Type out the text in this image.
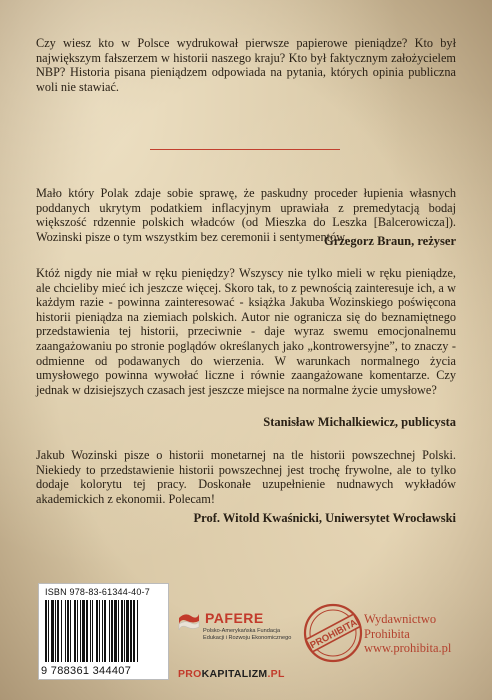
Czy wiesz kto w Polsce wydrukował pierwsze papierowe pieniądze? Kto był największym fałszerzem w historii naszego kraju? Kto był faktycznym założycielem NBP? Historia pisana pieniądzem odpowiada na pytania, których opinia publiczna woli nie stawiać.

Mało który Polak zdaje sobie sprawę, że paskudny proceder łupienia własnych poddanych ukrytym podatkiem inflacyjnym uprawiała z premedytacją bodaj większość rdzennie polskich władców (od Mieszka do Leszka [Balcerowicza]). Wozinski pisze o tym wszystkim bez ceremonii i sentymentów.

Grzegorz Braun, reżyser

Któż nigdy nie miał w ręku pieniędzy? Wszyscy nie tylko mieli w ręku pieniądze, ale chcieliby mieć ich jeszcze więcej. Skoro tak, to z pewnością zainteresuje ich, a w każdym razie - powinna zainteresować - książka Jakuba Wozinskiego poświęcona historii pieniądza na ziemiach polskich. Autor nie ogranicza się do beznamiętnego przedstawienia tej historii, przeciwnie - daje wyraz swemu emocjonalnemu zaangażowaniu po stronie poglądów określanych jako „kontrowersyjne”, to znaczy - odmienne od podawanych do wierzenia. W warunkach normalnego życia umysłowego powinna wywołać liczne i równie zaangażowane komentarze. Czy jednak w dzisiejszych czasach jest jeszcze miejsce na normalne życie umysłowe?

Stanisław Michalkiewicz, publicysta

Jakub Wozinski pisze o historii monetarnej na tle historii powszechnej Polski. Niekiedy to przedstawienie historii powszechnej jest trochę frywolne, ale to tylko dodaje kolorytu tej pracy. Doskonałe uzupełnienie nudnawych wykładów akademickich z ekonomii. Polecam!

Prof. Witold Kwaśnicki, Uniwersytet Wrocławski

ISBN 978-83-61344-40-7
9 788361 344407
PAFERE
Polsko-Amerykańska Fundacja
Edukacji i Rozwoju Ekonomicznego
PROKAPITALIZM.PL
PROHIBITA Wydawnictwo
Prohibita
www.prohibita.pl
